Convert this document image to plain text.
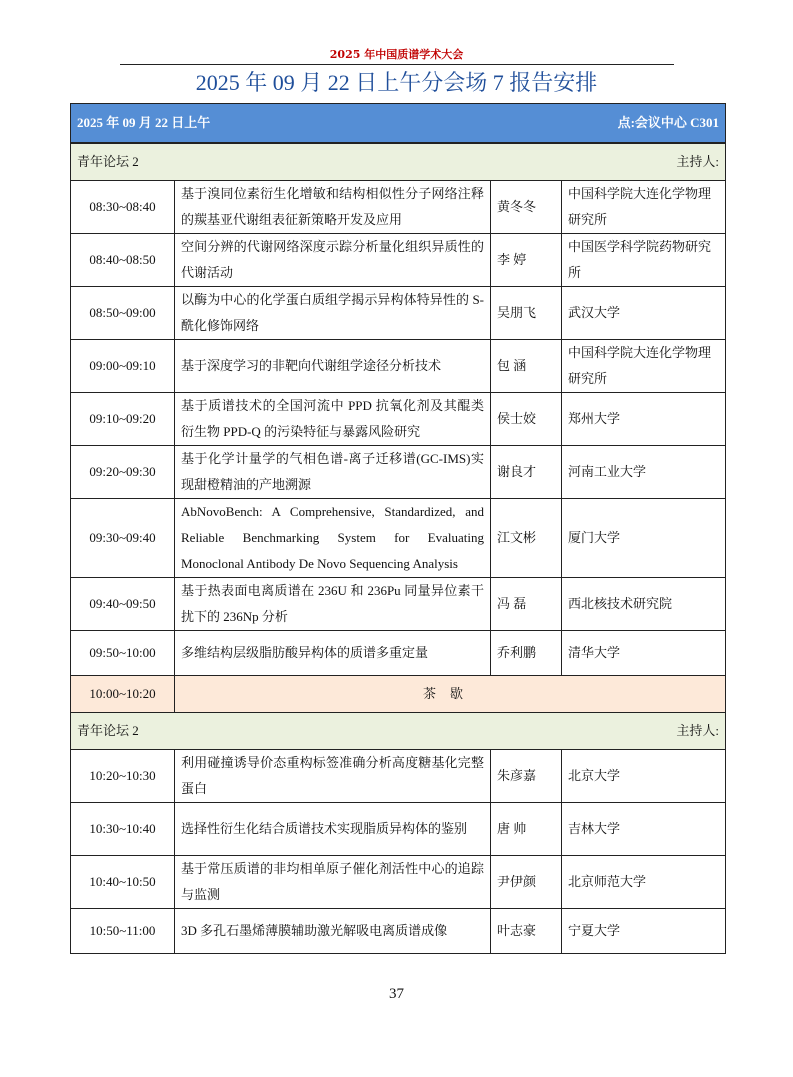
2025 年中国质谱学术大会
2025 年 09 月 22 日上午分会场 7 报告安排
2025 年 09 月 22 日上午 点:会议中心 C301			

青年论坛 2 主持人:			

08:30~08:40	基于溴同位素衍生化增敏和结构相似性分子网络注释的羰基亚代谢组表征新策略开发及应用	黄冬冬	中国科学院大连化学物理研究所
08:40~08:50	空间分辨的代谢网络深度示踪分析量化组织异质性的代谢活动	李 婷	中国医学科学院药物研究所
08:50~09:00	以酶为中心的化学蛋白质组学揭示异构体特异性的 S-酰化修饰网络	吴朋飞	武汉大学
09:00~09:10	基于深度学习的非靶向代谢组学途径分析技术	包 涵	中国科学院大连化学物理研究所
09:10~09:20	基于质谱技术的全国河流中 PPD 抗氧化剂及其醌类衍生物 PPD-Q 的污染特征与暴露风险研究	侯士姣	郑州大学
09:20~09:30	基于化学计量学的气相色谱-离子迁移谱(GC-IMS)实现甜橙精油的产地溯源	谢良才	河南工业大学
09:30~09:40	AbNovoBench: A Comprehensive, Standardized, and Reliable Benchmarking System for Evaluating Monoclonal Antibody De Novo Sequencing Analysis	江文彬	厦门大学
09:40~09:50	基于热表面电离质谱在 236U 和 236Pu 同量异位素干扰下的 236Np 分析	冯 磊	西北核技术研究院
09:50~10:00	多维结构层级脂肪酸异构体的质谱多重定量	乔利鹏	清华大学
10:00~10:20	茶歇		

青年论坛 2 主持人:			

10:20~10:30	利用碰撞诱导价态重构标签准确分析高度糖基化完整蛋白	朱彦嘉	北京大学
10:30~10:40	选择性衍生化结合质谱技术实现脂质异构体的鉴别	唐 帅	吉林大学
10:40~10:50	基于常压质谱的非均相单原子催化剂活性中心的追踪与监测	尹伊颜	北京师范大学
10:50~11:00	3D 多孔石墨烯薄膜辅助激光解吸电离质谱成像	叶志豪	宁夏大学
37
